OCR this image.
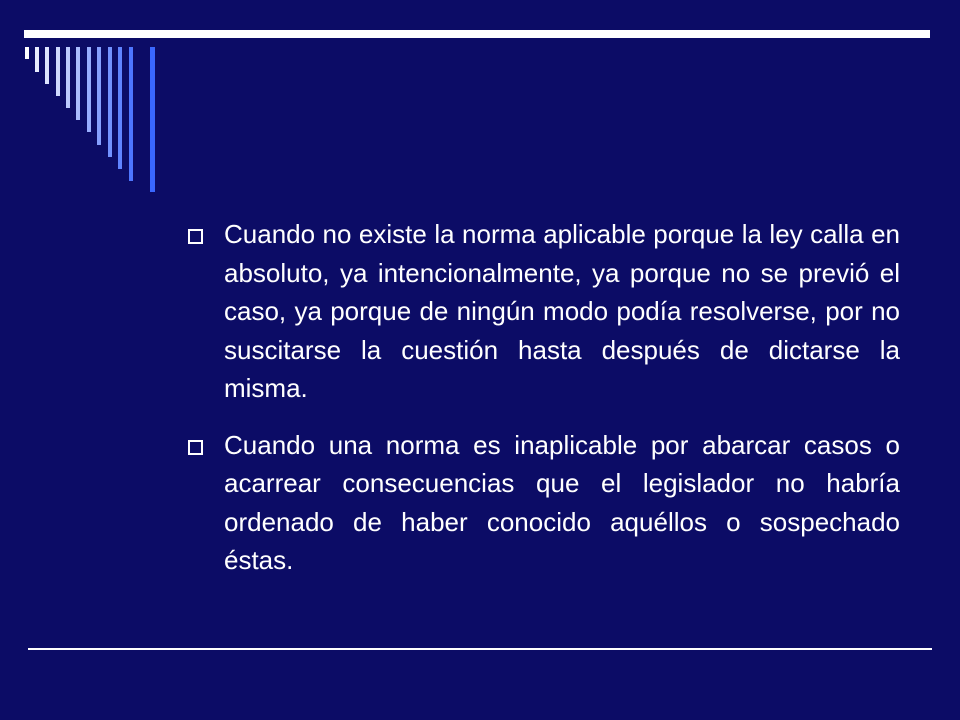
Cuando no existe la norma aplicable porque la ley calla en absoluto, ya intencionalmente, ya porque no se previó el caso, ya porque de ningún modo podía resolverse, por no suscitarse la cuestión hasta después de dictarse la misma.
Cuando una norma es inaplicable por abarcar casos o acarrear consecuencias que el legislador no habría ordenado de haber conocido aquéllos o sospechado éstas.
